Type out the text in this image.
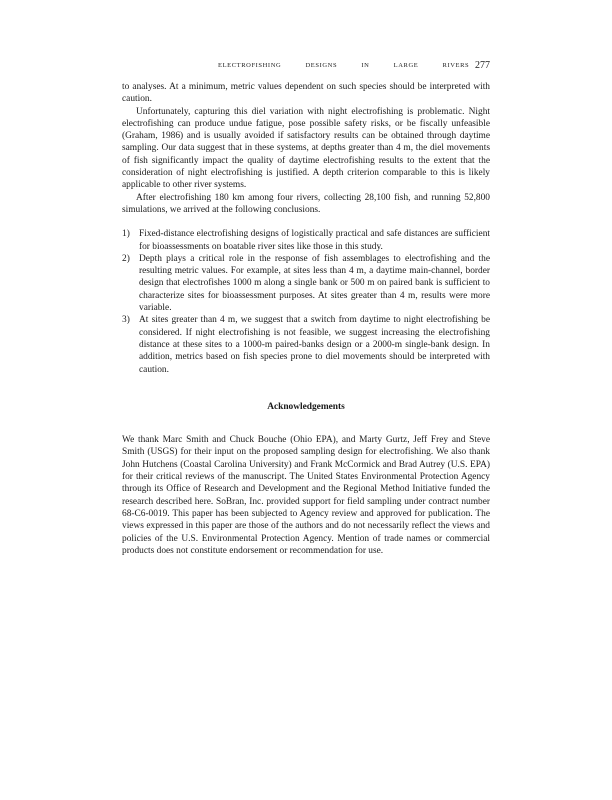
ELECTROFISHING DESIGNS IN LARGE RIVERS 277

to analyses. At a minimum, metric values dependent on such species should be interpreted with caution.

Unfortunately, capturing this diel variation with night electrofishing is problematic. Night electrofishing can produce undue fatigue, pose possible safety risks, or be fiscally unfeasible (Graham, 1986) and is usually avoided if satisfactory results can be obtained through daytime sampling. Our data suggest that in these systems, at depths greater than 4 m, the diel movements of fish significantly impact the quality of daytime electrofishing results to the extent that the consideration of night electrofishing is justified. A depth criterion comparable to this is likely applicable to other river systems.

After electrofishing 180 km among four rivers, collecting 28,100 fish, and running 52,800 simulations, we arrived at the following conclusions.

1) Fixed-distance electrofishing designs of logistically practical and safe distances are sufficient for bioassessments on boatable river sites like those in this study.
2) Depth plays a critical role in the response of fish assemblages to electrofishing and the resulting metric values. For example, at sites less than 4 m, a daytime main-channel, border design that electrofishes 1000 m along a single bank or 500 m on paired bank is sufficient to characterize sites for bioassessment purposes. At sites greater than 4 m, results were more variable.
3) At sites greater than 4 m, we suggest that a switch from daytime to night electrofishing be considered. If night electrofishing is not feasible, we suggest increasing the electrofishing distance at these sites to a 1000-m paired-banks design or a 2000-m single-bank design. In addition, metrics based on fish species prone to diel movements should be interpreted with caution.
Acknowledgements

We thank Marc Smith and Chuck Bouche (Ohio EPA), and Marty Gurtz, Jeff Frey and Steve Smith (USGS) for their input on the proposed sampling design for electrofishing. We also thank John Hutchens (Coastal Carolina University) and Frank McCormick and Brad Autrey (U.S. EPA) for their critical reviews of the manuscript. The United States Environmental Protection Agency through its Office of Research and Development and the Regional Method Initiative funded the research described here. SoBran, Inc. provided support for field sampling under contract number 68-C6-0019. This paper has been subjected to Agency review and approved for publication. The views expressed in this paper are those of the authors and do not necessarily reflect the views and policies of the U.S. Environmental Protection Agency. Mention of trade names or commercial products does not constitute endorsement or recommendation for use.
